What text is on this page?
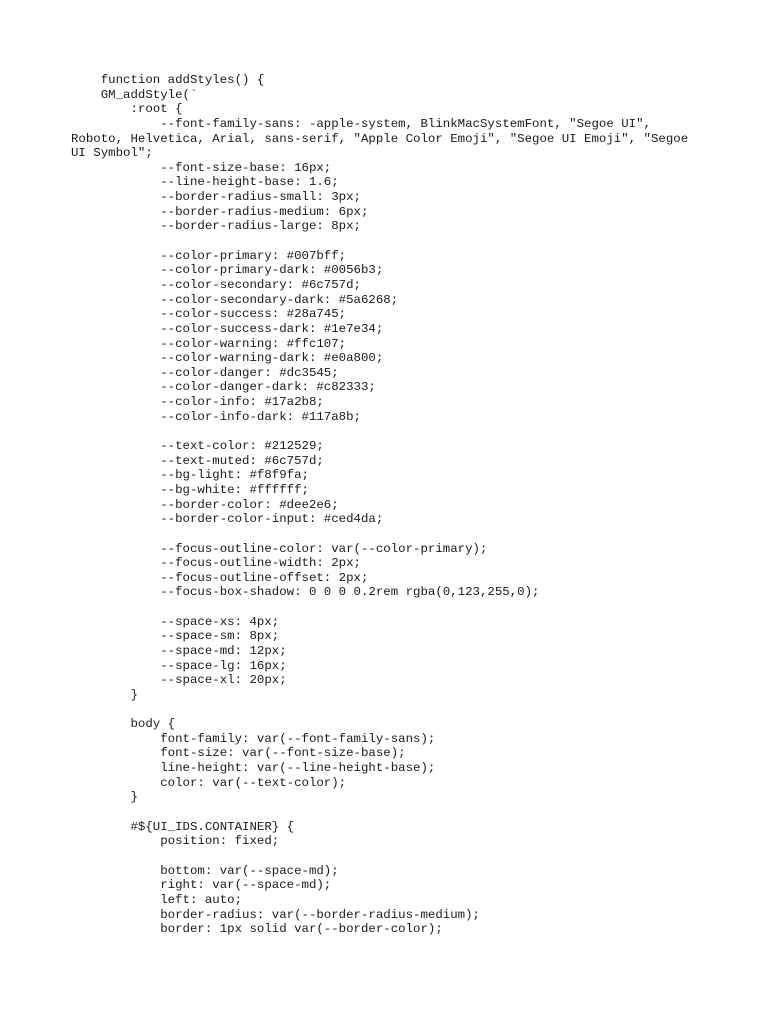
function addStyles() {
GM_addStyle(`
:root {
--font-family-sans: -apple-system, BlinkMacSystemFont, "Segoe UI",
Roboto, Helvetica, Arial, sans-serif, "Apple Color Emoji", "Segoe UI Emoji", "Segoe
UI Symbol";
--font-size-base: 16px;
--line-height-base: 1.6;
--border-radius-small: 3px;
--border-radius-medium: 6px;
--border-radius-large: 8px;
--color-primary: #007bff;
--color-primary-dark: #0056b3;
--color-secondary: #6c757d;
--color-secondary-dark: #5a6268;
--color-success: #28a745;
--color-success-dark: #1e7e34;
--color-warning: #ffc107;
--color-warning-dark: #e0a800;
--color-danger: #dc3545;
--color-danger-dark: #c82333;
--color-info: #17a2b8;
--color-info-dark: #117a8b;
--text-color: #212529;
--text-muted: #6c757d;
--bg-light: #f8f9fa;
--bg-white: #ffffff;
--border-color: #dee2e6;
--border-color-input: #ced4da;
--focus-outline-color: var(--color-primary);
--focus-outline-width: 2px;
--focus-outline-offset: 2px;
--focus-box-shadow: 0 0 0 0.2rem rgba(0,123,255,0);
--space-xs: 4px;
--space-sm: 8px;
--space-md: 12px;
--space-lg: 16px;
--space-xl: 20px;
}
body {
font-family: var(--font-family-sans);
font-size: var(--font-size-base);
line-height: var(--line-height-base);
color: var(--text-color);
}
#${UI_IDS.CONTAINER} {
position: fixed;
bottom: var(--space-md);
right: var(--space-md);
left: auto;
border-radius: var(--border-radius-medium);
border: 1px solid var(--border-color);
